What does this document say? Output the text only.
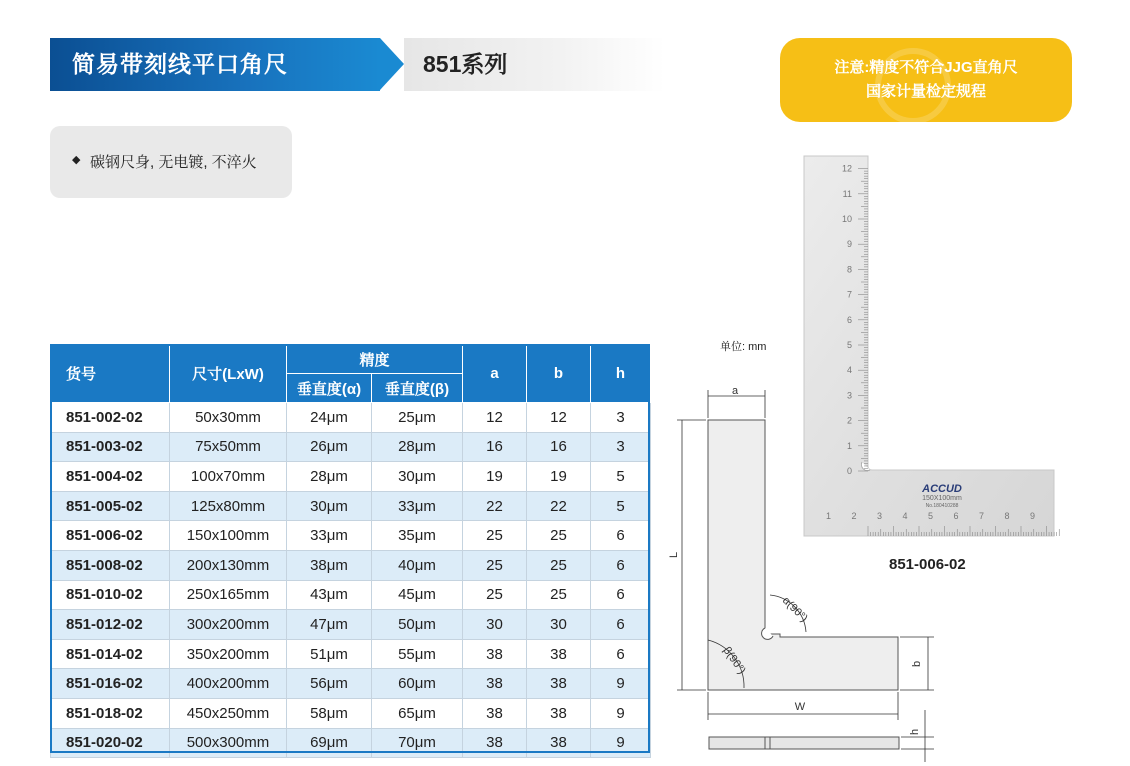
简易带刻线平口角尺	851系列	注意:精度不符合JJG直角尺
国家计量检定规程
◆ 碳钢尺身, 无电镀, 不淬火
货号	尺寸(LxW)	精度		a	b	h
		垂直度(α)	垂直度(β)			
851-002-02	50x30mm	24μm	25μm	12	12	3
851-003-02	75x50mm	26μm	28μm	16	16	3
851-004-02	100x70mm	28μm	30μm	19	19	5
851-005-02	125x80mm	30μm	33μm	22	22	5
851-006-02	150x100mm	33μm	35μm	25	25	6
851-008-02	200x130mm	38μm	40μm	25	25	6
851-010-02	250x165mm	43μm	45μm	25	25	6
851-012-02	300x200mm	47μm	50μm	30	30	6
851-014-02	350x200mm	51μm	55μm	38	38	6
851-016-02	400x200mm	56μm	60μm	38	38	9
851-018-02	450x250mm	58μm	65μm	38	38	9
851-020-02	500x300mm	69μm	70μm	38	38	9
单位: mm
a
L
W
b
h
α(90°)
β(90°)
12
11
10
9
8
7
6
5
4
3
2
1
0
1 2 3 4 5 6 7 8 9
ACCUD
150X100mm
No.180410288
851-006-02
